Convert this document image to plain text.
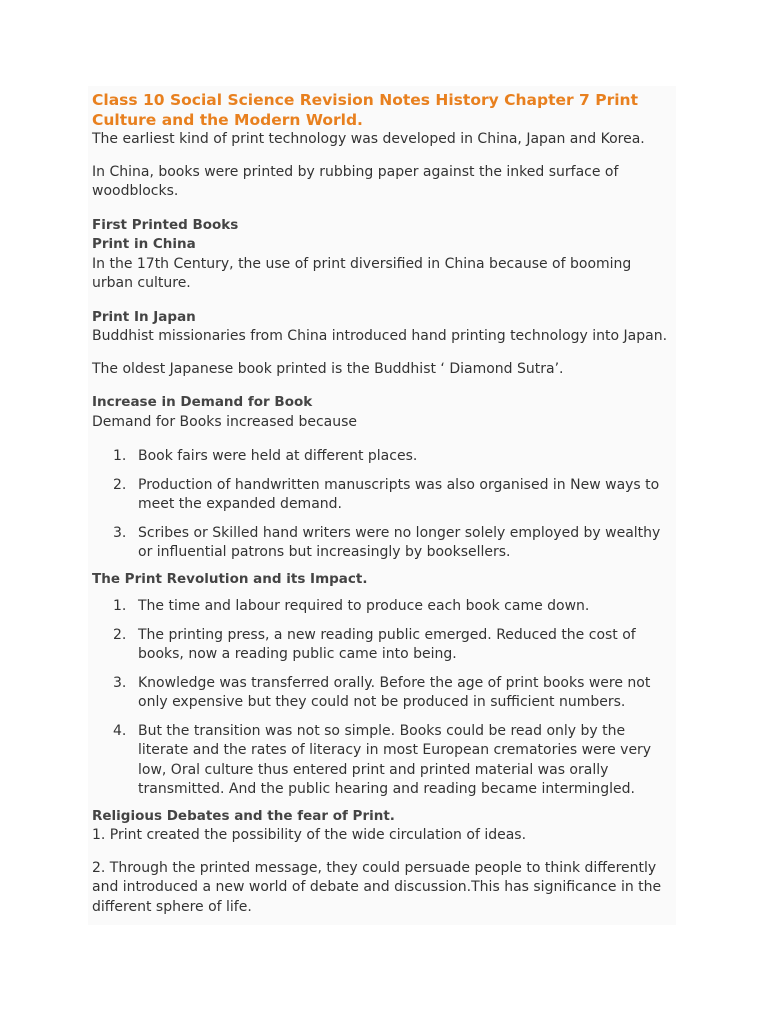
Class 10 Social Science Revision Notes History Chapter 7 Print Culture and the Modern World.

The earliest kind of print technology was developed in China, Japan and Korea.

In China, books were printed by rubbing paper against the inked surface of woodblocks.

First Printed Books
Print in China

In the 17th Century, the use of print diversified in China because of booming urban culture.

Print In Japan

Buddhist missionaries from China introduced hand printing technology into Japan.

The oldest Japanese book printed is the Buddhist ‘ Diamond Sutra’.

Increase in Demand for Book

Demand for Books increased because

1. Book fairs were held at different places.
2. Production of handwritten manuscripts was also organised in New ways to meet the expanded demand.
3. Scribes or Skilled hand writers were no longer solely employed by wealthy or influential patrons but increasingly by booksellers.
The Print Revolution and its Impact.
1. The time and labour required to produce each book came down.
2. The printing press, a new reading public emerged. Reduced the cost of books, now a reading public came into being.
3. Knowledge was transferred orally. Before the age of print books were not only expensive but they could not be produced in sufficient numbers.
4. But the transition was not so simple. Books could be read only by the literate and the rates of literacy in most European crematories were very low, Oral culture thus entered print and printed material was orally transmitted. And the public hearing and reading became intermingled.
Religious Debates and the fear of Print.

1. Print created the possibility of the wide circulation of ideas.

2. Through the printed message, they could persuade people to think differently and introduced a new world of debate and discussion.This has significance in the different sphere of life.
